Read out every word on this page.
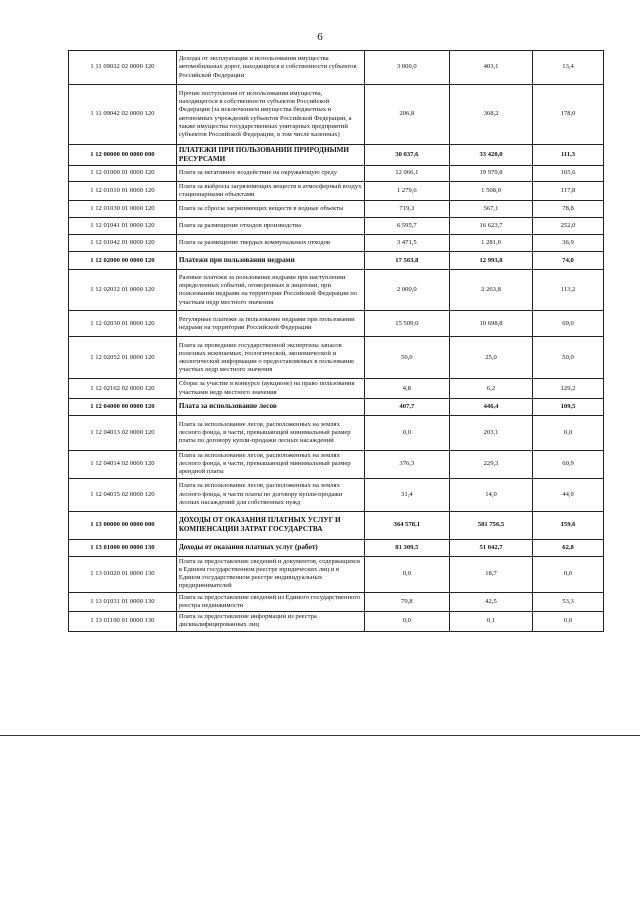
6
1 11 09032 02 0000 120	Доходы от эксплуатации и использования имущества автомобильных дорог, находящихся в собственности субъектов Российской Федерации	3 000,0	403,1	13,4
1 11 09042 02 0000 120	Прочие поступления от использования имущества, находящегося в собственности субъектов Российской Федерации (за исключением имущества бюджетных и автономных учреждений субъектов Российской Федерации, а также имущества государственных унитарных предприятий субъектов Российской Федерации, в том числе казенных)	206,8	368,2	178,0
1 12 00000 00 0000 000	ПЛАТЕЖИ ПРИ ПОЛЬЗОВАНИИ ПРИРОДНЫМИ РЕСУРСАМИ	30 037,6	33 420,0	111,3
1 12 01000 01 0000 120	Плата за негативное воздействие на окружающую среду	12 066,1	19 979,8	165,6
1 12 01010 01 0000 120	Плата за выбросы загрязняющих веществ в атмосферный воздух стационарными объектами	1 279,6	1 508,0	117,8
1 12 01030 01 0000 120	Плата за сбросы загрязняющих веществ в водные объекты	719,3	567,1	78,8
1 12 01041 01 0000 120	Плата за размещение отходов производства	6 595,7	16 623,7	252,0
1 12 01042 01 0000 120	Плата за размещение твердых коммунальных отходов	3 471,5	1 281,0	36,9
1 12 02000 00 0000 120	Платежи при пользовании недрами	17 563,8	12 993,8	74,0
1 12 02012 01 0000 120	Разовые платежи за пользование недрами при наступлении определенных событий, оговоренных в лицензии, при пользовании недрами на территории Российской Федерации по участкам недр местного значения	2 000,0	2 263,8	113,2
1 12 02030 01 0000 120	Регулярные платежи за пользование недрами при пользовании недрами на территории Российской Федерации	15 509,0	10 698,8	69,0
1 12 02052 01 0000 120	Плата за проведение государственной экспертизы запасов полезных ископаемых, геологической, экономической и экологической информации о предоставляемых в пользование участках недр местного значения	50,0	25,0	50,0
1 12 02102 02 0000 120	Сборы за участие в конкурсе (аукционе) на право пользования участками недр местного значения	4,8	6,2	129,2
1 12 04000 00 0000 120	Плата за использование лесов	407,7	446,4	109,5
1 12 04013 02 0000 120	Плата за использование лесов, расположенных на землях лесного фонда, в части, превышающей минимальный размер платы по договору купли-продажи лесных насаждений	0,0	203,1	0,0
1 12 04014 02 0000 120	Плата за использование лесов, расположенных на землях лесного фонда, в части, превышающей минимальный размер арендной платы	376,3	229,3	60,9
1 12 04015 02 0000 120	Плата за использование лесов, расположенных на землях лесного фонда, в части платы по договору купли-продажи лесных насаждений для собственных нужд	31,4	14,0	44,9
1 13 00000 00 0000 000	ДОХОДЫ ОТ ОКАЗАНИЯ ПЛАТНЫХ УСЛУГ И КОМПЕНСАЦИИ ЗАТРАТ ГОСУДАРСТВА	364 578,1	581 756,5	159,6
1 13 01000 00 0000 130	Доходы от оказания платных услуг (работ)	81 309,5	51 042,7	62,8
1 13 01020 01 0000 130	Плата за предоставление сведений и документов, содержащихся в Едином государственном реестре юридических лиц и в Едином государственном реестре индивидуальных предпринимателей	0,0	18,7	0,0
1 13 01031 01 0000 130	Плата за предоставление сведений из Единого государственного реестра недвижимости	79,8	42,5	53,3
1 13 01190 01 0000 130	Плата за предоставление информации из реестра дисквалифицированных лиц	0,0	0,1	0,0
